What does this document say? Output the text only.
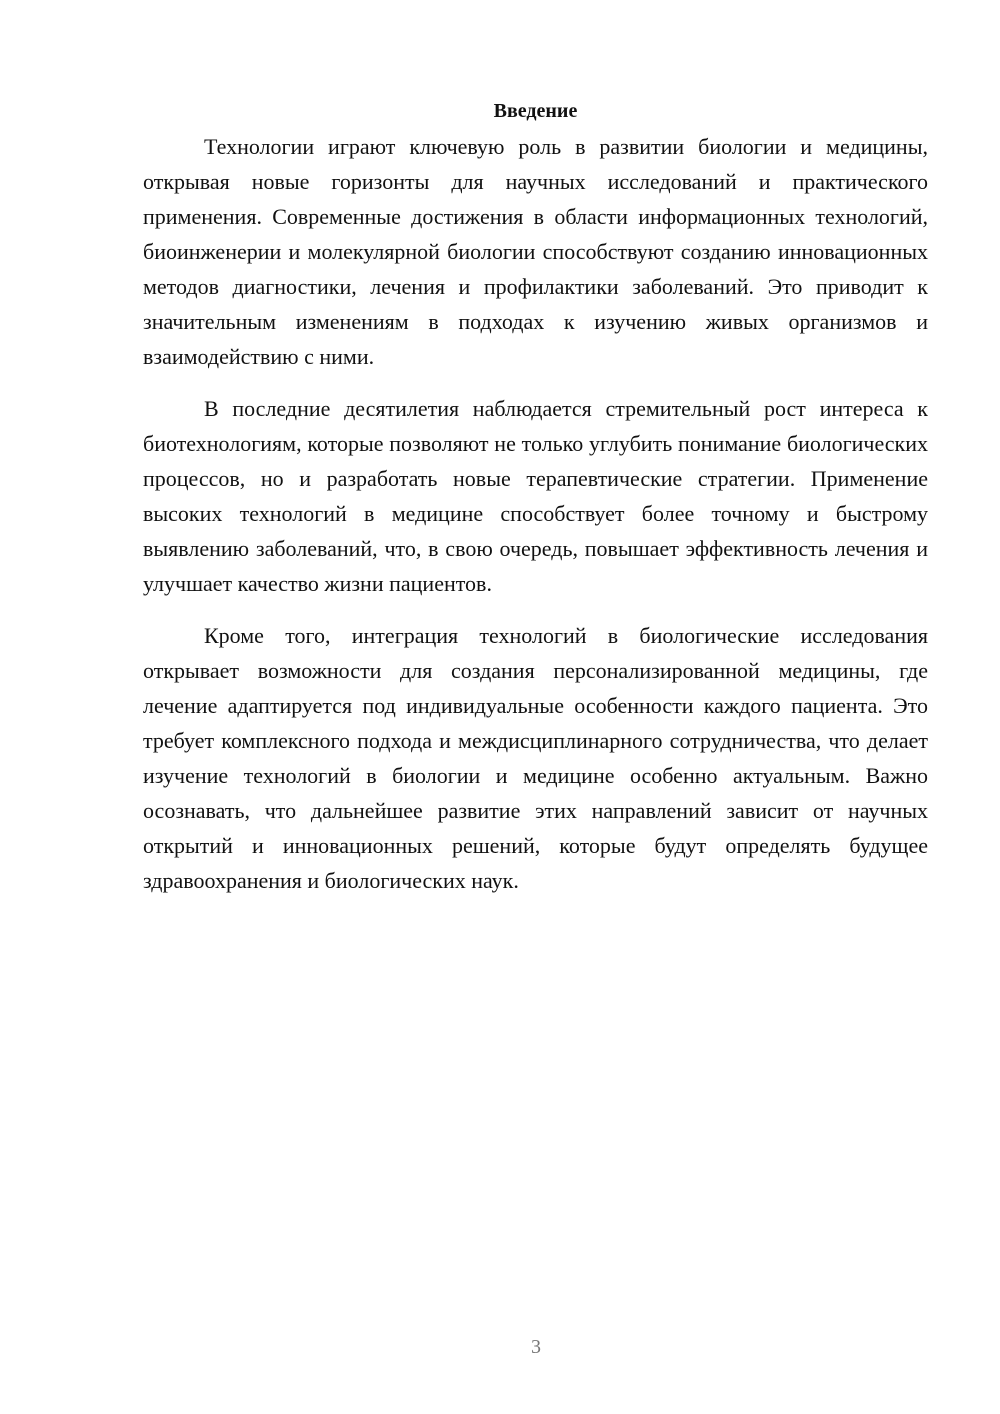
Введение

Технологии играют ключевую роль в развитии биологии и медицины, открывая новые горизонты для научных исследований и практического применения. Современные достижения в области информационных технологий, биоинженерии и молекулярной биологии способствуют созданию инновационных методов диагностики, лечения и профилактики заболеваний. Это приводит к значительным изменениям в подходах к изучению живых организмов и взаимодействию с ними.

В последние десятилетия наблюдается стремительный рост интереса к биотехнологиям, которые позволяют не только углубить понимание биологических процессов, но и разработать новые терапевтические стратегии. Применение высоких технологий в медицине способствует более точному и быстрому выявлению заболеваний, что, в свою очередь, повышает эффективность лечения и улучшает качество жизни пациентов.

Кроме того, интеграция технологий в биологические исследования открывает возможности для создания персонализированной медицины, где лечение адаптируется под индивидуальные особенности каждого пациента. Это требует комплексного подхода и междисциплинарного сотрудничества, что делает изучение технологий в биологии и медицине особенно актуальным. Важно осознавать, что дальнейшее развитие этих направлений зависит от научных открытий и инновационных решений, которые будут определять будущее здравоохранения и биологических наук.

3
